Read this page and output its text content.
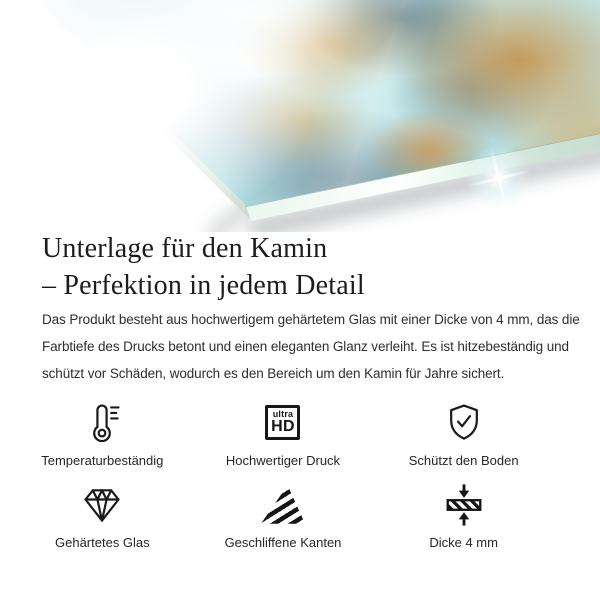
Unterlage für den Kamin
– Perfektion in jedem Detail

Das Produkt besteht aus hochwertigem gehärtetem Glas mit einer Dicke von 4 mm, das die
Farbtiefe des Drucks betont und einen eleganten Glanz verleiht. Es ist hitzebeständig und
schützt vor Schäden, wodurch es den Bereich um den Kamin für Jahre sichert.

Temperaturbeständig
ultra
HD
Hochwertiger Druck	Schützt den Boden
Gehärtetes Glas	Geschliffene Kanten	Dicke 4 mm
